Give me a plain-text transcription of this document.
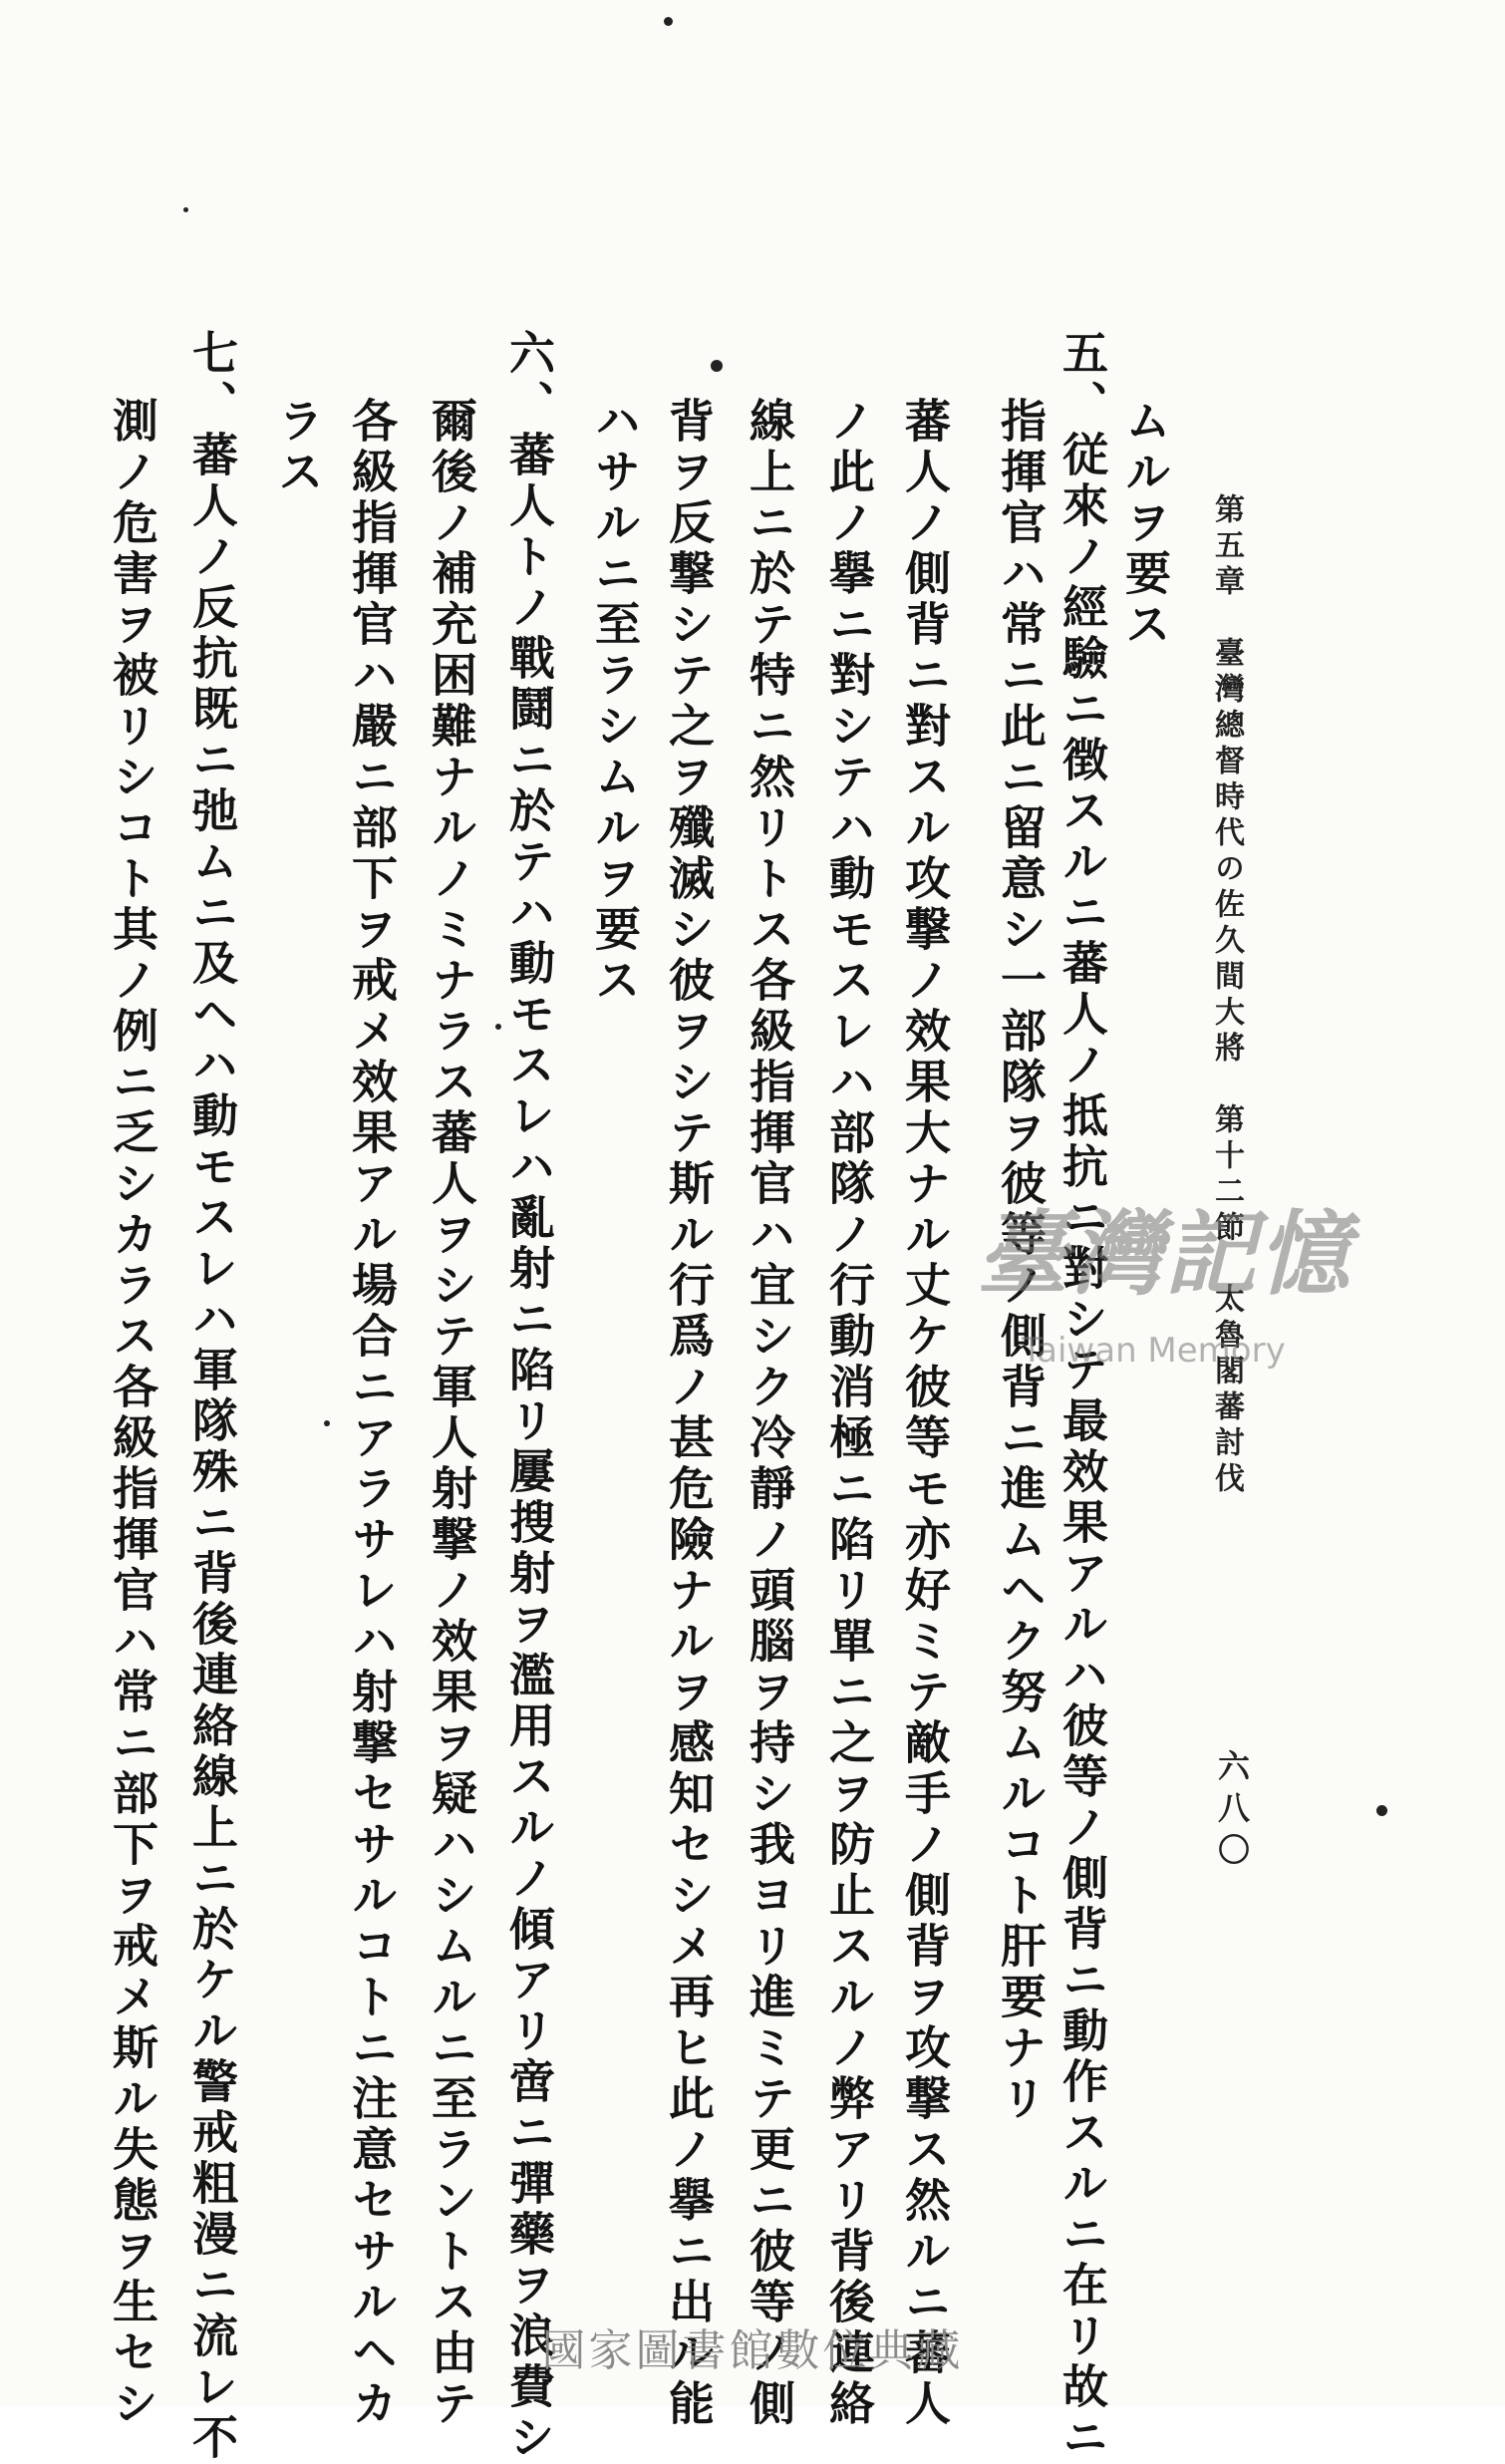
第五章　臺灣總督時代の佐久間大將　第十二節　太魯閣蕃討伐
六八〇
ムルヲ要ス
五、従來ノ經驗ニ徴スルニ蕃人ノ抵抗ニ對シテ最效果アルハ彼等ノ側背ニ動作スルニ在リ故ニ
指揮官ハ常ニ此ニ留意シ一部隊ヲ彼等ノ側背ニ進ムヘク努ムルコト肝要ナリ
蕃人ノ側背ニ對スル攻撃ノ效果大ナル丈ケ彼等モ亦好ミテ敵手ノ側背ヲ攻撃ス然ルニ蕃人
ノ此ノ擧ニ對シテハ動モスレハ部隊ノ行動消極ニ陷リ單ニ之ヲ防止スルノ弊アリ背後連絡
線上ニ於テ特ニ然リトス各級指揮官ハ宜シク冷靜ノ頭腦ヲ持シ我ヨリ進ミテ更ニ彼等ノ側
背ヲ反撃シテ之ヲ殲滅シ彼ヲシテ斯ル行爲ノ甚危險ナルヲ感知セシメ再ヒ此ノ擧ニ出ル能
ハサルニ至ラシムルヲ要ス
六、蕃人トノ戰鬪ニ於テハ動モスレハ亂射ニ陷リ屢搜射ヲ濫用スルノ傾アリ啻ニ彈藥ヲ浪費シ
爾後ノ補充困難ナルノミナラス蕃人ヲシテ軍人射撃ノ效果ヲ疑ハシムルニ至ラントス由テ
各級指揮官ハ嚴ニ部下ヲ戒メ效果アル場合ニアラサレハ射撃セサルコトニ注意セサルヘカ
ラス
七、蕃人ノ反抗既ニ弛ムニ及ヘハ動モスレハ軍隊殊ニ背後連絡線上ニ於ケル警戒粗漫ニ流レ不
測ノ危害ヲ被リシコト其ノ例ニ乏シカラス各級指揮官ハ常ニ部下ヲ戒メ斯ル失態ヲ生セシ	臺灣記憶
Taiwan Memory
國家圖書館數位典藏
